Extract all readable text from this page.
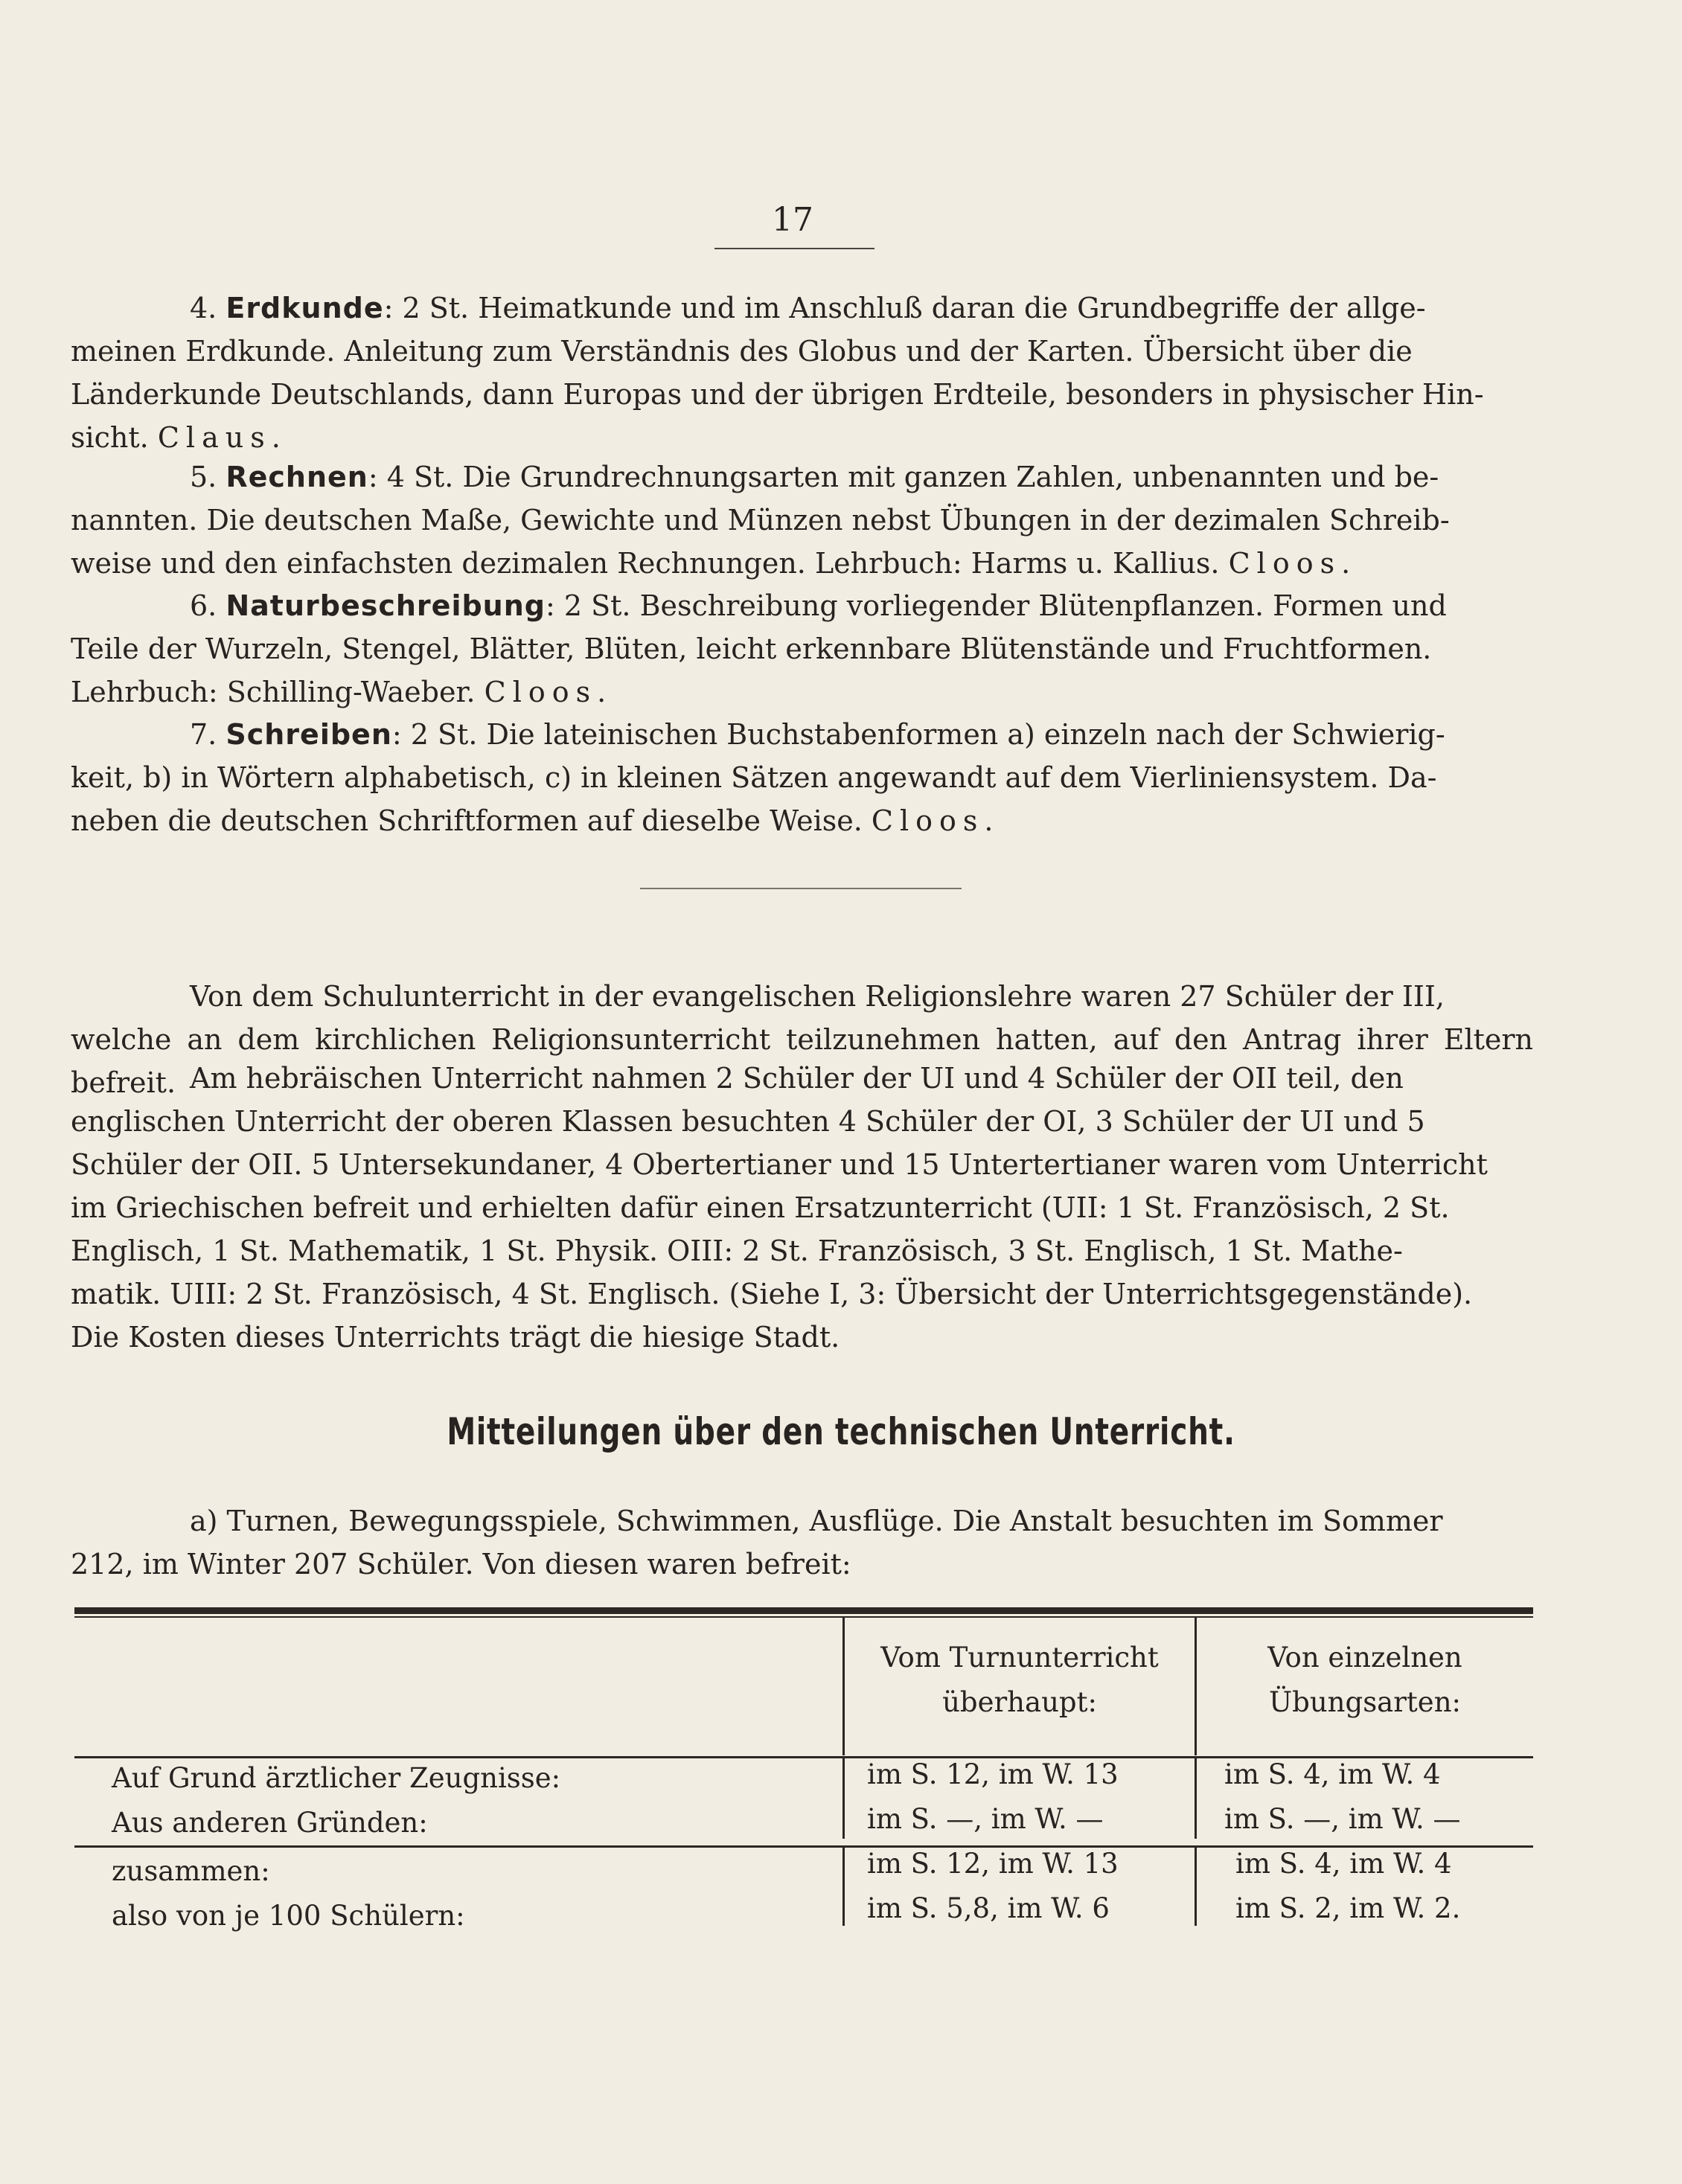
17
4. Erdkunde: 2 St. Heimatkunde und im Anschluß daran die Grundbegriffe der allge-
meinen Erdkunde. Anleitung zum Verständnis des Globus und der Karten. Übersicht über die
Länderkunde Deutschlands, dann Europas und der übrigen Erdteile, besonders in physischer Hin-
sicht. Claus.
5. Rechnen: 4 St. Die Grundrechnungsarten mit ganzen Zahlen, unbenannten und be-
nannten. Die deutschen Maße, Gewichte und Münzen nebst Übungen in der dezimalen Schreib-
weise und den einfachsten dezimalen Rechnungen. Lehrbuch: Harms u. Kallius. Cloos.
6. Naturbeschreibung: 2 St. Beschreibung vorliegender Blütenpflanzen. Formen und
Teile der Wurzeln, Stengel, Blätter, Blüten, leicht erkennbare Blütenstände und Fruchtformen.
Lehrbuch: Schilling-Waeber. Cloos.
7. Schreiben: 2 St. Die lateinischen Buchstabenformen a) einzeln nach der Schwierig-
keit, b) in Wörtern alphabetisch, c) in kleinen Sätzen angewandt auf dem Vierliniensystem. Da-
neben die deutschen Schriftformen auf dieselbe Weise. Cloos.
Von dem Schulunterricht in der evangelischen Religionslehre waren 27 Schüler der III,
welche an dem kirchlichen Religionsunterricht teilzunehmen hatten, auf den Antrag ihrer Eltern befreit. Am hebräischen Unterricht nahmen 2 Schüler der UI und 4 Schüler der OII teil, den
englischen Unterricht der oberen Klassen besuchten 4 Schüler der OI, 3 Schüler der UI und 5
Schüler der OII. 5 Untersekundaner, 4 Obertertianer und 15 Untertertianer waren vom Unterricht
im Griechischen befreit und erhielten dafür einen Ersatzunterricht (UII: 1 St. Französisch, 2 St.
Englisch, 1 St. Mathematik, 1 St. Physik. OIII: 2 St. Französisch, 3 St. Englisch, 1 St. Mathe-
matik. UIII: 2 St. Französisch, 4 St. Englisch. (Siehe I, 3: Übersicht der Unterrichtsgegenstände).
Die Kosten dieses Unterrichts trägt die hiesige Stadt.
Mitteilungen über den technischen Unterricht.
a) Turnen, Bewegungsspiele, Schwimmen, Ausflüge. Die Anstalt besuchten im Sommer
212, im Winter 207 Schüler. Von diesen waren befreit:
Vom Turnunterricht
überhaupt:
Von einzelnen
Übungsarten:
Auf Grund ärztlicher Zeugnisse:
Aus anderen Gründen:
im S. 12, im W. 13
im S. —, im W. —
im S. 4, im W. 4
im S. —, im W. —
zusammen:
also von je 100 Schülern:
im S. 12, im W. 13
im S. 5,8, im W. 6
im S. 4, im W. 4
im S. 2, im W. 2.
